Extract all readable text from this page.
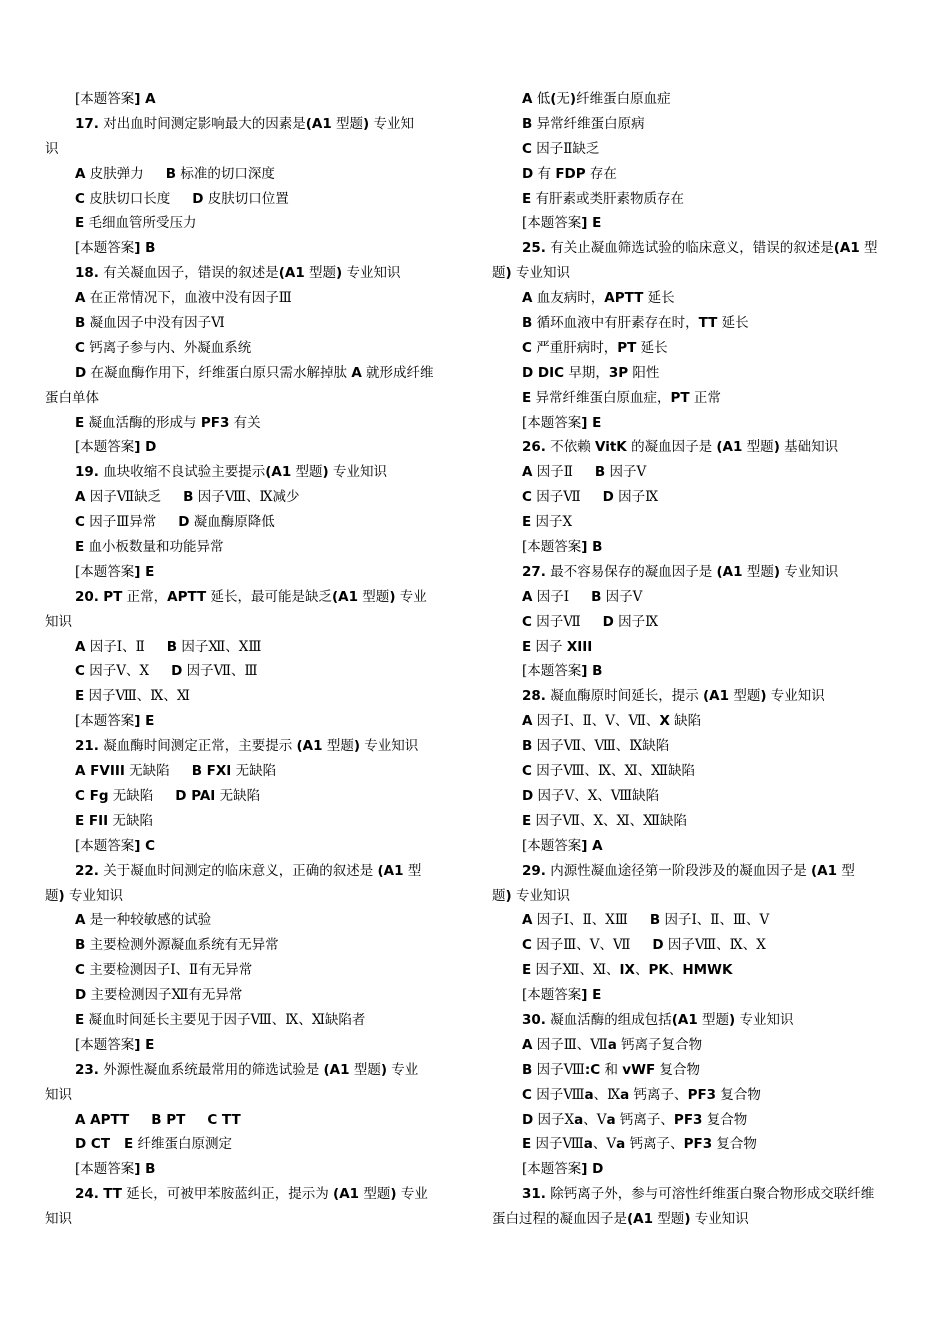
[本题答案] A
17. 对出血时间测定影响最大的因素是(A1 型题) 专业知
识
A 皮肤弹力 B 标准的切口深度
C 皮肤切口长度 D 皮肤切口位置
E 毛细血管所受压力
[本题答案] B
18. 有关凝血因子，错误的叙述是(A1 型题) 专业知识
A 在正常情况下，血液中没有因子Ⅲ
B 凝血因子中没有因子Ⅵ
C 钙离子参与内、外凝血系统
D 在凝血酶作用下，纤维蛋白原只需水解掉肽 A 就形成纤维
蛋白单体
E 凝血活酶的形成与 PF3 有关
[本题答案] D
19. 血块收缩不良试验主要提示(A1 型题) 专业知识
A 因子Ⅶ缺乏 B 因子Ⅷ、Ⅸ减少
C 因子Ⅲ异常 D 凝血酶原降低
E 血小板数量和功能异常
[本题答案] E
20. PT 正常，APTT 延长，最可能是缺乏(A1 型题) 专业
知识
A 因子Ⅰ、Ⅱ B 因子Ⅻ、ⅩⅢ
C 因子Ⅴ、Ⅹ D 因子Ⅶ、Ⅲ
E 因子Ⅷ、Ⅸ、Ⅺ
[本题答案] E
21. 凝血酶时间测定正常，主要提示 (A1 型题) 专业知识
A FVIII 无缺陷 B FXI 无缺陷
C Fg 无缺陷 D PAI 无缺陷
E FII 无缺陷
[本题答案] C
22. 关于凝血时间测定的临床意义，正确的叙述是 (A1 型
题) 专业知识
A 是一种较敏感的试验
B 主要检测外源凝血系统有无异常
C 主要检测因子Ⅰ、Ⅱ有无异常
D 主要检测因子Ⅻ有无异常
E 凝血时间延长主要见于因子Ⅷ、Ⅸ、Ⅺ缺陷者
[本题答案] E
23. 外源性凝血系统最常用的筛选试验是 (A1 型题) 专业
知识
A APTT B PT C TT
D CT E 纤维蛋白原测定
[本题答案] B
24. TT 延长，可被甲苯胺蓝纠正，提示为 (A1 型题) 专业
知识
A 低(无)纤维蛋白原血症
B 异常纤维蛋白原病
C 因子Ⅱ缺乏
D 有 FDP 存在
E 有肝素或类肝素物质存在
[本题答案] E
25. 有关止凝血筛选试验的临床意义，错误的叙述是(A1 型
题) 专业知识
A 血友病时，APTT 延长
B 循环血液中有肝素存在时，TT 延长
C 严重肝病时，PT 延长
D DIC 早期，3P 阳性
E 异常纤维蛋白原血症，PT 正常
[本题答案] E
26. 不依赖 VitK 的凝血因子是 (A1 型题) 基础知识
A 因子Ⅱ B 因子Ⅴ
C 因子Ⅶ D 因子Ⅸ
E 因子Ⅹ
[本题答案] B
27. 最不容易保存的凝血因子是 (A1 型题) 专业知识
A 因子Ⅰ B 因子Ⅴ
C 因子Ⅶ D 因子Ⅸ
E 因子 XIII
[本题答案] B
28. 凝血酶原时间延长，提示 (A1 型题) 专业知识
A 因子Ⅰ、Ⅱ、Ⅴ、Ⅶ、X 缺陷
B 因子Ⅶ、Ⅷ、Ⅸ缺陷
C 因子Ⅷ、Ⅸ、Ⅺ、Ⅻ缺陷
D 因子Ⅴ、Ⅹ、Ⅷ缺陷
E 因子Ⅶ、Ⅹ、Ⅺ、Ⅻ缺陷
[本题答案] A
29. 内源性凝血途径第一阶段涉及的凝血因子是 (A1 型
题) 专业知识
A 因子Ⅰ、Ⅱ、ⅩⅢ B 因子Ⅰ、Ⅱ、Ⅲ、Ⅴ
C 因子Ⅲ、Ⅴ、Ⅶ D 因子Ⅷ、Ⅸ、Ⅹ
E 因子Ⅻ、Ⅺ、IX、PK、HMWK
[本题答案] E
30. 凝血活酶的组成包括(A1 型题) 专业知识
A 因子Ⅲ、Ⅶa 钙离子复合物
B 因子Ⅷ:C 和 vWF 复合物
C 因子Ⅷa、Ⅸa 钙离子、PF3 复合物
D 因子Ⅹa、Ⅴa 钙离子、PF3 复合物
E 因子Ⅷa、Ⅴa 钙离子、PF3 复合物
[本题答案] D
31. 除钙离子外，参与可溶性纤维蛋白聚合物形成交联纤维
蛋白过程的凝血因子是(A1 型题) 专业知识
